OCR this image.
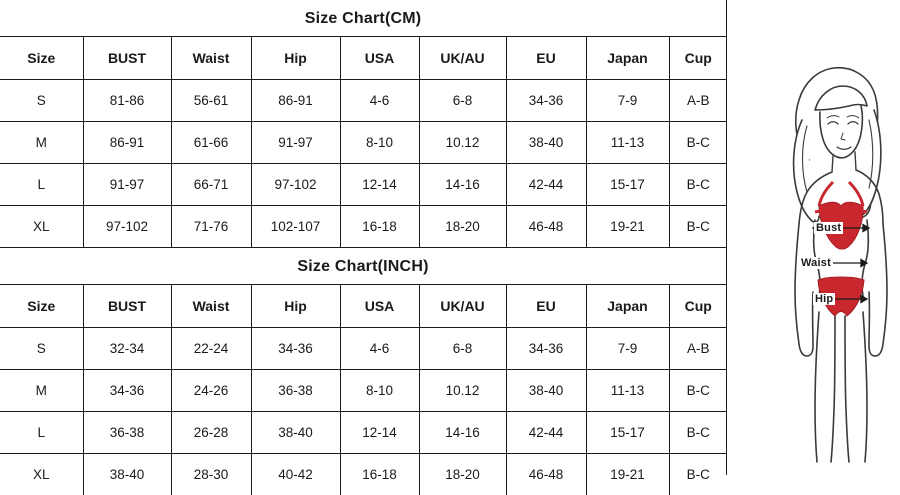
Size Chart(CM)
Size	BUST	Waist	Hip	USA	UK/AU	EU	Japan	Cup
S	81-86	56-61	86-91	4-6	6-8	34-36	7-9	A-B
M	86-91	61-66	91-97	8-10	10.12	38-40	11-13	B-C
L	91-97	66-71	97-102	12-14	14-16	42-44	15-17	B-C
XL	97-102	71-76	102-107	16-18	18-20	46-48	19-21	B-C
Size Chart(INCH)
Size	BUST	Waist	Hip	USA	UK/AU	EU	Japan	Cup
S	32-34	22-24	34-36	4-6	6-8	34-36	7-9	A-B
M	34-36	24-26	36-38	8-10	10.12	38-40	11-13	B-C
L	36-38	26-28	38-40	12-14	14-16	42-44	15-17	B-C
XL	38-40	28-30	40-42	16-18	18-20	46-48	19-21	B-C
Bust
Waist
Hip
